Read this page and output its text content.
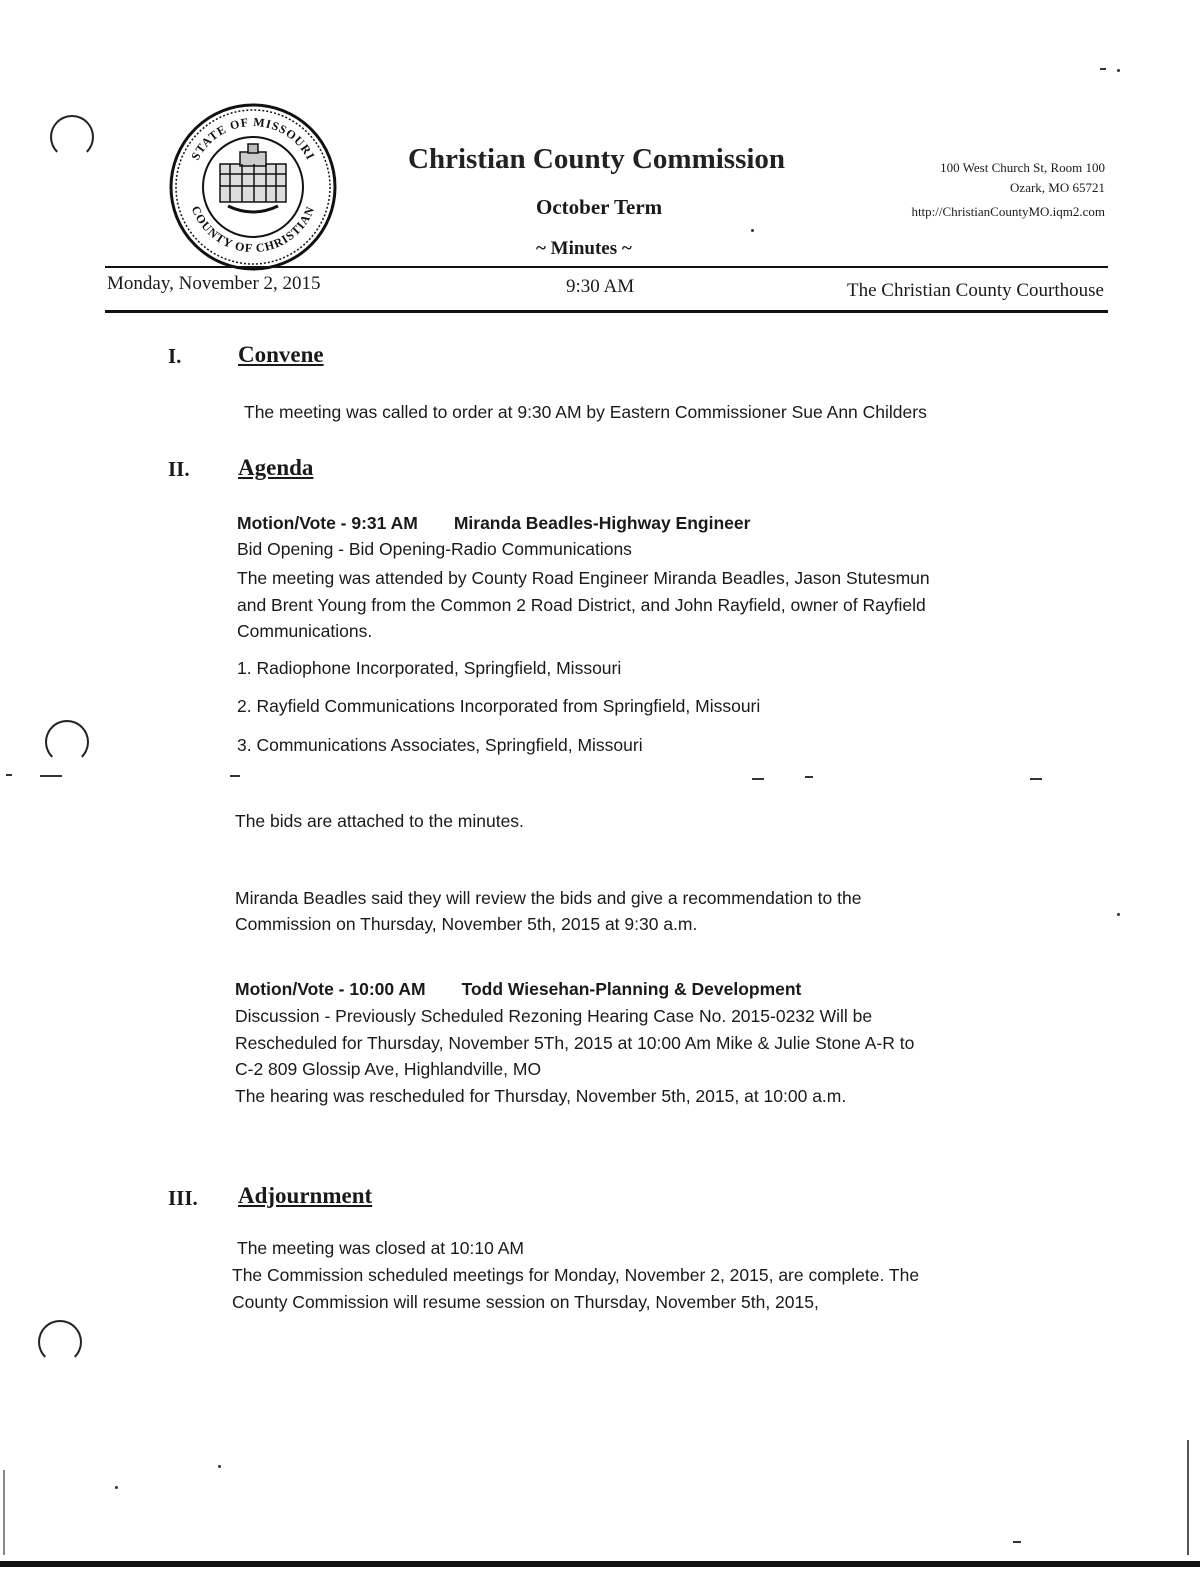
STATE OF MISSOURI
COUNTY OF CHRISTIAN
Christian County Commission
October Term
~ Minutes ~
100 West Church St, Room 100
Ozark, MO 65721
http://ChristianCountyMO.iqm2.com
Monday, November 2, 2015	9:30 AM	The Christian County Courthouse
I. Convene
The meeting was called to order at 9:30 AM by Eastern Commissioner Sue Ann Childers
II. Agenda
Motion/Vote - 9:31 AM Miranda Beadles-Highway Engineer
Bid Opening - Bid Opening-Radio Communications
The meeting was attended by County Road Engineer Miranda Beadles, Jason Stutesmun
and Brent Young from the Common 2 Road District, and John Rayfield, owner of Rayfield
Communications.
1. Radiophone Incorporated, Springfield, Missouri
2. Rayfield Communications Incorporated from Springfield, Missouri
3. Communications Associates, Springfield, Missouri
The bids are attached to the minutes.
Miranda Beadles said they will review the bids and give a recommendation to the
Commission on Thursday, November 5th, 2015 at 9:30 a.m.
Motion/Vote - 10:00 AM Todd Wiesehan-Planning & Development
Discussion - Previously Scheduled Rezoning Hearing Case No. 2015-0232 Will be
Rescheduled for Thursday, November 5Th, 2015 at 10:00 Am Mike & Julie Stone A-R to
C-2 809 Glossip Ave, Highlandville, MO
The hearing was rescheduled for Thursday, November 5th, 2015, at 10:00 a.m.
III. Adjournment
The meeting was closed at 10:10 AM
The Commission scheduled meetings for Monday, November 2, 2015, are complete. The
County Commission will resume session on Thursday, November 5th, 2015,
